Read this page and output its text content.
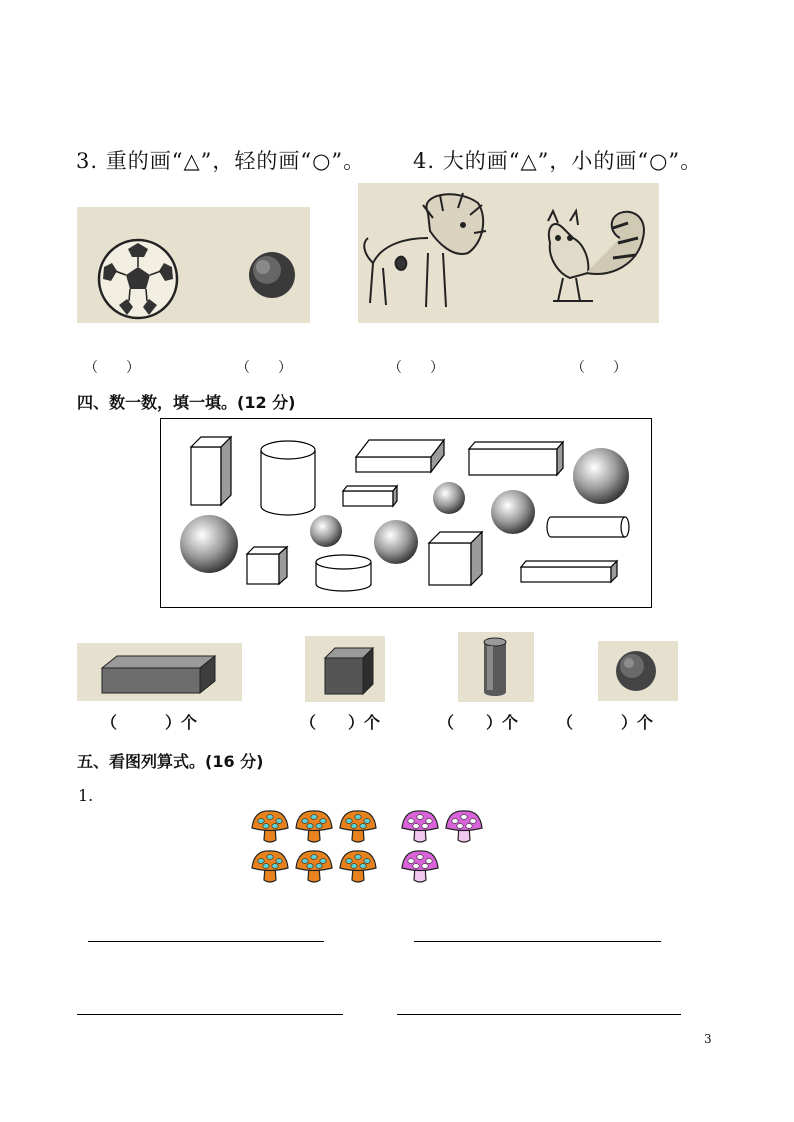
3. 重的画“△”，轻的画“○”。 4. 大的画“△”，小的画“○”。
（　　）	（　　）	（　　）	（　　）
四、数一数，填一填。(12 分)
（　　　）个	（　　）个	（　　）个 （　　　）个
五、看图列算式。(16 分)
1.
3
